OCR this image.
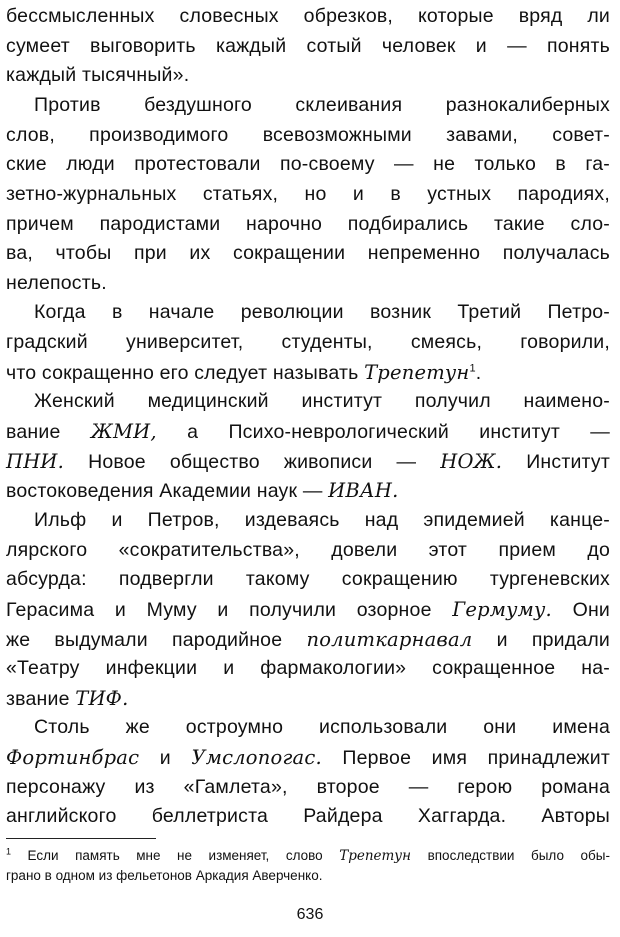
бессмысленных словесных обрезков, которые вряд ли
сумеет выговорить каждый сотый человек и — понять
каждый тысячный».
Против бездушного склеивания разнокалиберных
слов, производимого всевозможными завами, совет-
ские люди протестовали по-своему — не только в га-
зетно-журнальных статьях, но и в устных пародиях,
причем пародистами нарочно подбирались такие сло-
ва, чтобы при их сокращении непременно получалась
нелепость.
Когда в начале революции возник Третий Петро-
градский университет, студенты, смеясь, говорили,
что сокращенно его следует называть Трепетун$^1$.
Женский медицинский институт получил наимено-
вание ЖМИ, а Психо-неврологический институт —
ПНИ. Новое общество живописи — НОЖ. Институт
востоковедения Академии наук — ИВАН.
Ильф и Петров, издеваясь над эпидемией канце-
лярского «сократительства», довели этот прием до
абсурда: подвергли такому сокращению тургеневских
Герасима и Муму и получили озорное Гермуму. Они
же выдумали пародийное политкарнавал и придали
«Театру инфекции и фармакологии» сокращенное на-
звание ТИФ.
Столь же остроумно использовали они имена
Фортинбрас и Умслопогас. Первое имя принадлежит
персонажу из «Гамлета», второе — герою романа
английского беллетриста Райдера Хаггарда. Авторы
$^1$ Если память мне не изменяет, слово Трепетун впоследствии было обы-
грано в одном из фельетонов Аркадия Аверченко.
636
